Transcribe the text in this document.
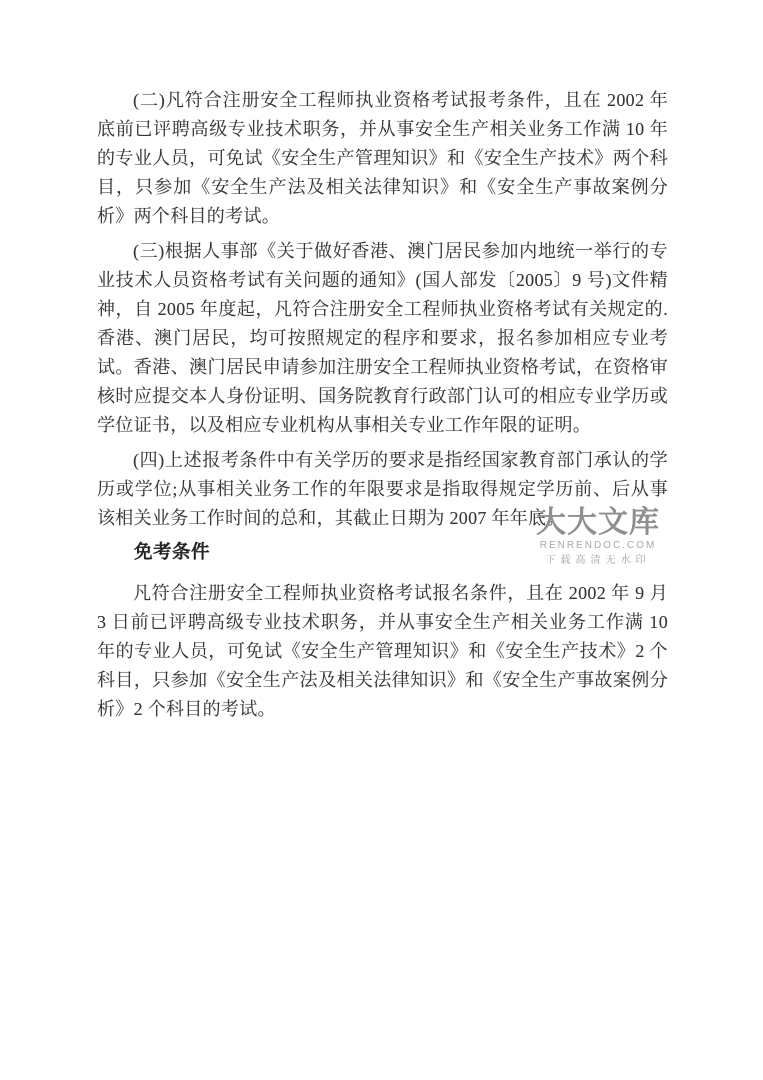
(二)凡符合注册安全工程师执业资格考试报考条件，且在 2002 年底前已评聘高级专业技术职务，并从事安全生产相关业务工作满 10 年的专业人员，可免试《安全生产管理知识》和《安全生产技术》两个科目，只参加《安全生产法及相关法律知识》和《安全生产事故案例分析》两个科目的考试。

(三)根据人事部《关于做好香港、澳门居民参加内地统一举行的专业技术人员资格考试有关问题的通知》(国人部发〔2005〕9 号)文件精神，自 2005 年度起，凡符合注册安全工程师执业资格考试有关规定的.香港、澳门居民，均可按照规定的程序和要求，报名参加相应专业考试。香港、澳门居民申请参加注册安全工程师执业资格考试，在资格审核时应提交本人身份证明、国务院教育行政部门认可的相应专业学历或学位证书，以及相应专业机构从事相关专业工作年限的证明。

(四)上述报考条件中有关学历的要求是指经国家教育部门承认的学历或学位;从事相关业务工作的年限要求是指取得规定学历前、后从事该相关业务工作时间的总和，其截止日期为 2007 年年底。

免考条件

凡符合注册安全工程师执业资格考试报名条件，且在 2002 年 9 月 3 日前已评聘高级专业技术职务，并从事安全生产相关业务工作满 10 年的专业人员，可免试《安全生产管理知识》和《安全生产技术》2 个科目，只参加《安全生产法及相关法律知识》和《安全生产事故案例分析》2 个科目的考试。

大大文库
RENRENDOC.COM
下载高清无水印
